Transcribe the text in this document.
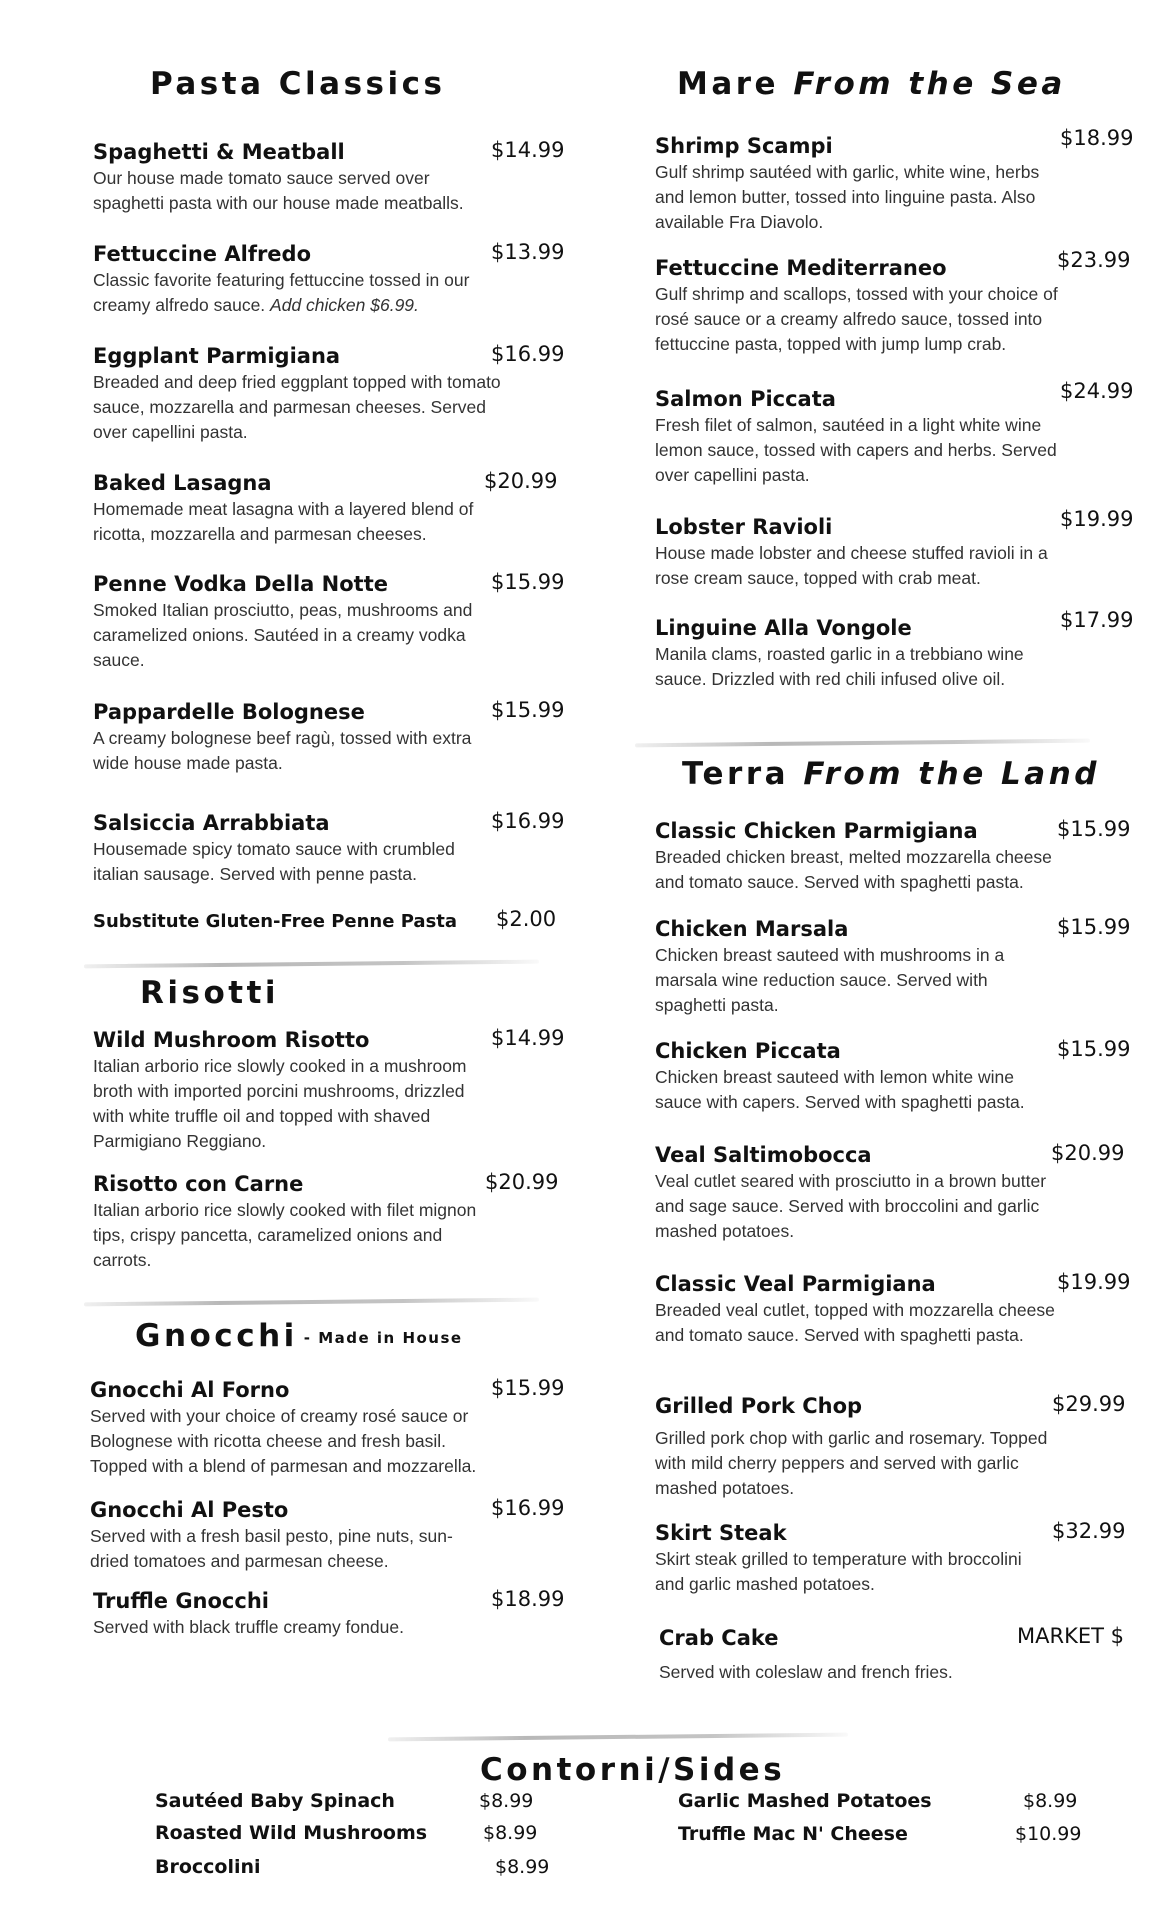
Pasta Classics
Spaghetti & Meatball	$14.99
Our house made tomato sauce served over spaghetti pasta with our house made meatballs.
Fettuccine Alfredo	$13.99
Classic favorite featuring fettuccine tossed in our creamy alfredo sauce. Add chicken $6.99.
Eggplant Parmigiana	$16.99
Breaded and deep fried eggplant topped with tomato sauce, mozzarella and parmesan cheeses. Served over capellini pasta.
Baked Lasagna	$20.99
Homemade meat lasagna with a layered blend of ricotta, mozzarella and parmesan cheeses.
Penne Vodka Della Notte	$15.99
Smoked Italian prosciutto, peas, mushrooms and caramelized onions. Sautéed in a creamy vodka sauce.
Pappardelle Bolognese	$15.99
A creamy bolognese beef ragù, tossed with extra wide house made pasta.
Salsiccia Arrabbiata	$16.99
Housemade spicy tomato sauce with crumbled italian sausage. Served with penne pasta.
Substitute Gluten-Free Penne Pasta $2.00
Risotti
Wild Mushroom Risotto	$14.99
Italian arborio rice slowly cooked in a mushroom broth with imported porcini mushrooms, drizzled with white truffle oil and topped with shaved Parmigiano Reggiano.
Risotto con Carne	$20.99
Italian arborio rice slowly cooked with filet mignon tips, crispy pancetta, caramelized onions and carrots.
Gnocchi $^{- Made in House}$
Gnocchi Al Forno	$15.99
Served with your choice of creamy rosé sauce or Bolognese with ricotta cheese and fresh basil. Topped with a blend of parmesan and mozzarella.
Gnocchi Al Pesto	$16.99
Served with a fresh basil pesto, pine nuts, sun-dried tomatoes and parmesan cheese.
Truffle Gnocchi	$18.99
Served with black truffle creamy fondue.
Mare From the Sea
Shrimp Scampi	$18.99
Gulf shrimp sautéed with garlic, white wine, herbs and lemon butter, tossed into linguine pasta. Also available Fra Diavolo.
Fettuccine Mediterraneo	$23.99
Gulf shrimp and scallops, tossed with your choice of rosé sauce or a creamy alfredo sauce, tossed into fettuccine pasta, topped with jump lump crab.
Salmon Piccata	$24.99
Fresh filet of salmon, sautéed in a light white wine lemon sauce, tossed with capers and herbs. Served over capellini pasta.
Lobster Ravioli	$19.99
House made lobster and cheese stuffed ravioli in a rose cream sauce, topped with crab meat.
Linguine Alla Vongole	$17.99
Manila clams, roasted garlic in a trebbiano wine sauce. Drizzled with red chili infused olive oil.
Terra From the Land
Classic Chicken Parmigiana	$15.99
Breaded chicken breast, melted mozzarella cheese and tomato sauce. Served with spaghetti pasta.
Chicken Marsala	$15.99
Chicken breast sauteed with mushrooms in a marsala wine reduction sauce. Served with spaghetti pasta.
Chicken Piccata	$15.99
Chicken breast sauteed with lemon white wine sauce with capers. Served with spaghetti pasta.
Veal Saltimobocca	$20.99
Veal cutlet seared with prosciutto in a brown butter and sage sauce. Served with broccolini and garlic mashed potatoes.
Classic Veal Parmigiana	$19.99
Breaded veal cutlet, topped with mozzarella cheese and tomato sauce. Served with spaghetti pasta.
Grilled Pork Chop	$29.99
Grilled pork chop with garlic and rosemary. Topped with mild cherry peppers and served with garlic mashed potatoes.
Skirt Steak	$32.99
Skirt steak grilled to temperature with broccolini and garlic mashed potatoes.
Crab Cake	MARKET $
Served with coleslaw and french fries.
Contorni/Sides
Sautéed Baby Spinach	$8.99
Roasted Wild Mushrooms	$8.99
Broccolini	$8.99
Garlic Mashed Potatoes	$8.99
Truffle Mac N' Cheese	$10.99
